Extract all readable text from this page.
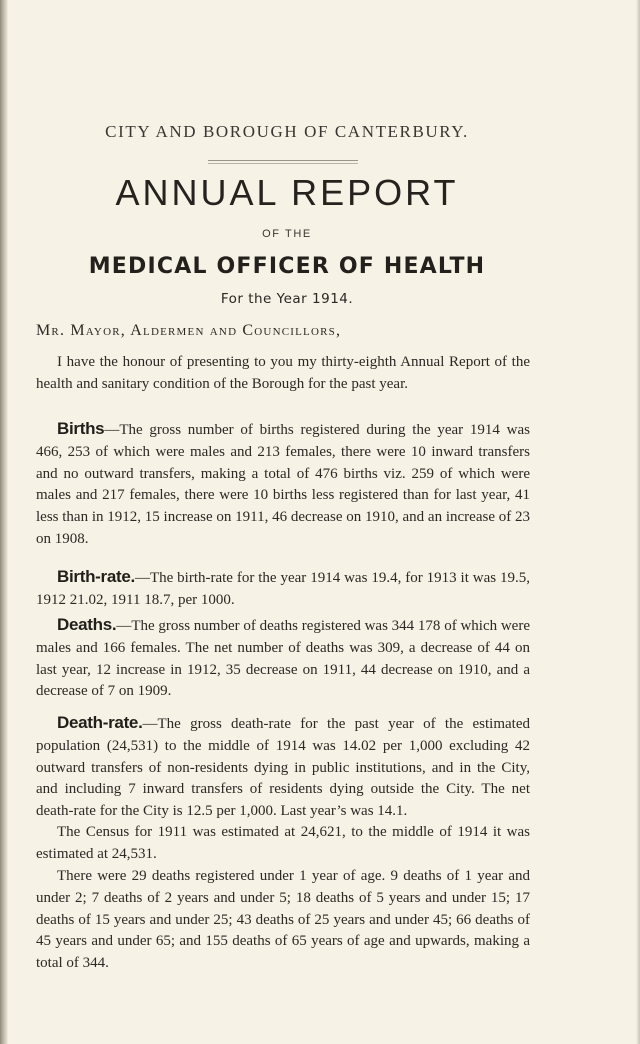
CITY AND BOROUGH OF CANTERBURY.
ANNUAL REPORT
OF THE
MEDICAL OFFICER OF HEALTH
For the Year 1914.
Mr. Mayor, Aldermen and Councillors,

I have the honour of presenting to you my thirty-eighth Annual Report of the health and sanitary condition of the Borough for the past year.

Births—The gross number of births registered during the year 1914 was 466, 253 of which were males and 213 females, there were 10 inward transfers and no outward transfers, making a total of 476 births viz. 259 of which were males and 217 females, there were 10 births less registered than for last year, 41 less than in 1912, 15 increase on 1911, 46 decrease on 1910, and an increase of 23 on 1908.

Birth-rate.—The birth-rate for the year 1914 was 19.4, for 1913 it was 19.5, 1912 21.02, 1911 18.7, per 1000.

Deaths.—The gross number of deaths registered was 344 178 of which were males and 166 females. The net number of deaths was 309, a decrease of 44 on last year, 12 increase in 1912, 35 decrease on 1911, 44 decrease on 1910, and a decrease of 7 on 1909.

Death-rate.—The gross death-rate for the past year of the estimated population (24,531) to the middle of 1914 was 14.02 per 1,000 excluding 42 outward transfers of non-residents dying in public institutions, and in the City, and including 7 inward transfers of residents dying outside the City. The net death-rate for the City is 12.5 per 1,000. Last year’s was 14.1.

The Census for 1911 was estimated at 24,621, to the middle of 1914 it was estimated at 24,531.

There were 29 deaths registered under 1 year of age. 9 deaths of 1 year and under 2; 7 deaths of 2 years and under 5; 18 deaths of 5 years and under 15; 17 deaths of 15 years and under 25; 43 deaths of 25 years and under 45; 66 deaths of 45 years and under 65; and 155 deaths of 65 years of age and upwards, making a total of 344.
